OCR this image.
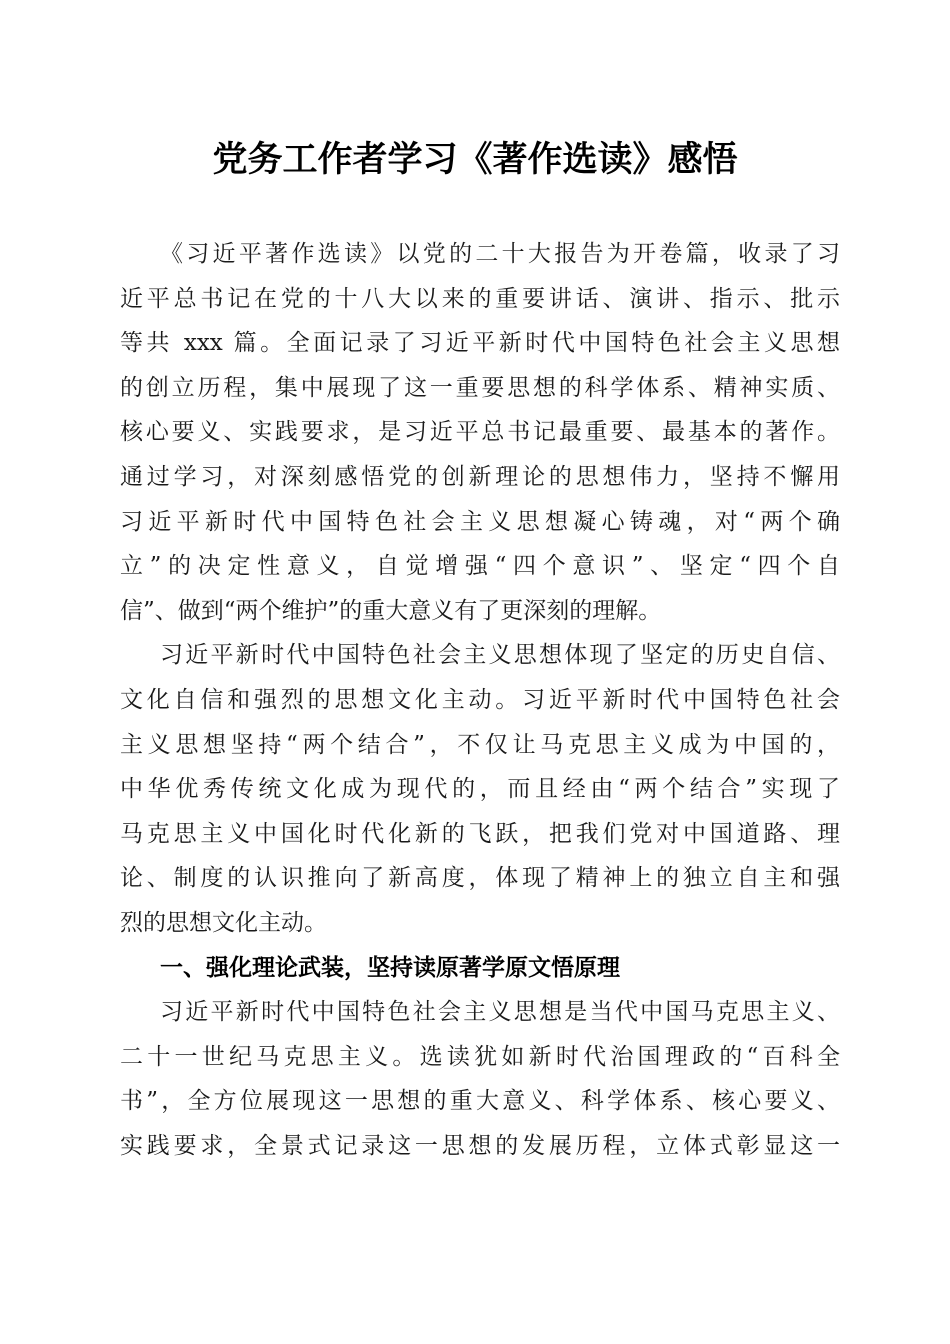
党务工作者学习《著作选读》感悟
《习近平著作选读》以党的二十大报告为开卷篇，收录了习
近平总书记在党的十八大以来的重要讲话、演讲、指示、批示
等共 xxx 篇。全面记录了习近平新时代中国特色社会主义思想
的创立历程，集中展现了这一重要思想的科学体系、精神实质、
核心要义、实践要求，是习近平总书记最重要、最基本的著作。
通过学习，对深刻感悟党的创新理论的思想伟力，坚持不懈用
习近平新时代中国特色社会主义思想凝心铸魂，对“两个确
立”的决定性意义，自觉增强“四个意识”、坚定“四个自
信”、做到“两个维护”的重大意义有了更深刻的理解。
习近平新时代中国特色社会主义思想体现了坚定的历史自信、
文化自信和强烈的思想文化主动。习近平新时代中国特色社会
主义思想坚持“两个结合”，不仅让马克思主义成为中国的，
中华优秀传统文化成为现代的，而且经由“两个结合”实现了
马克思主义中国化时代化新的飞跃，把我们党对中国道路、理
论、制度的认识推向了新高度，体现了精神上的独立自主和强
烈的思想文化主动。
一、强化理论武装，坚持读原著学原文悟原理
习近平新时代中国特色社会主义思想是当代中国马克思主义、
二十一世纪马克思主义。选读犹如新时代治国理政的“百科全
书”，全方位展现这一思想的重大意义、科学体系、核心要义、
实践要求，全景式记录这一思想的发展历程，立体式彰显这一
